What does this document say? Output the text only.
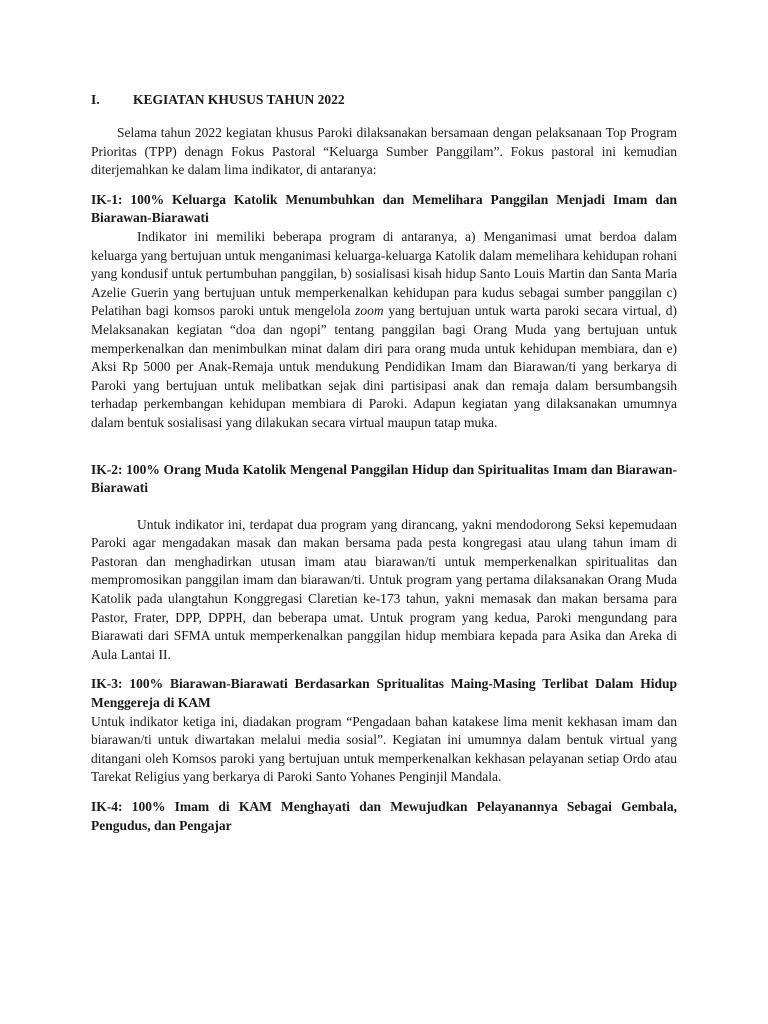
I.	KEGIATAN KHUSUS TAHUN 2022

Selama tahun 2022 kegiatan khusus Paroki dilaksanakan bersamaan dengan pelaksanaan Top Program Prioritas (TPP) denagn Fokus Pastoral “Keluarga Sumber Panggilam”. Fokus pastoral ini kemudian diterjemahkan ke dalam lima indikator, di antaranya:

IK-1: 100% Keluarga Katolik Menumbuhkan dan Memelihara Panggilan Menjadi Imam dan Biarawan-Biarawati

Indikator ini memiliki beberapa program di antaranya, a) Menganimasi umat berdoa dalam keluarga yang bertujuan untuk menganimasi keluarga-keluarga Katolik dalam memelihara kehidupan rohani yang kondusif untuk pertumbuhan panggilan, b) sosialisasi kisah hidup Santo Louis Martin dan Santa Maria Azelie Guerin yang bertujuan untuk memperkenalkan kehidupan para kudus sebagai sumber panggilan c) Pelatihan bagi komsos paroki untuk mengelola zoom yang bertujuan untuk warta paroki secara virtual, d) Melaksanakan kegiatan “doa dan ngopi” tentang panggilan bagi Orang Muda yang bertujuan untuk memperkenalkan dan menimbulkan minat dalam diri para orang muda untuk kehidupan membiara, dan e) Aksi Rp 5000 per Anak-Remaja untuk mendukung Pendidikan Imam dan Biarawan/ti yang berkarya di Paroki yang bertujuan untuk melibatkan sejak dini partisipasi anak dan remaja dalam bersumbangsih terhadap perkembangan kehidupan membiara di Paroki. Adapun kegiatan yang dilaksanakan umumnya dalam bentuk sosialisasi yang dilakukan secara virtual maupun tatap muka.

IK-2: 100% Orang Muda Katolik Mengenal Panggilan Hidup dan Spiritualitas Imam dan Biarawan-Biarawati

Untuk indikator ini, terdapat dua program yang dirancang, yakni mendodorong Seksi kepemudaan Paroki agar mengadakan masak dan makan bersama pada pesta kongregasi atau ulang tahun imam di Pastoran dan menghadirkan utusan imam atau biarawan/ti untuk memperkenalkan spiritualitas dan mempromosikan panggilan imam dan biarawan/ti. Untuk program yang pertama dilaksanakan Orang Muda Katolik pada ulangtahun Konggregasi Claretian ke-173 tahun, yakni memasak dan makan bersama para Pastor, Frater, DPP, DPPH, dan beberapa umat. Untuk program yang kedua, Paroki mengundang para Biarawati dari SFMA untuk memperkenalkan panggilan hidup membiara kepada para Asika dan Areka di Aula Lantai II.

IK-3: 100% Biarawan-Biarawati Berdasarkan Spritualitas Maing-Masing Terlibat Dalam Hidup Menggereja di KAM

Untuk indikator ketiga ini, diadakan program “Pengadaan bahan katakese lima menit kekhasan imam dan biarawan/ti untuk diwartakan melalui media sosial”. Kegiatan ini umumnya dalam bentuk virtual yang ditangani oleh Komsos paroki yang bertujuan untuk memperkenalkan kekhasan pelayanan setiap Ordo atau Tarekat Religius yang berkarya di Paroki Santo Yohanes Penginjil Mandala.

IK-4: 100% Imam di KAM Menghayati dan Mewujudkan Pelayanannya Sebagai Gembala, Pengudus, dan Pengajar
